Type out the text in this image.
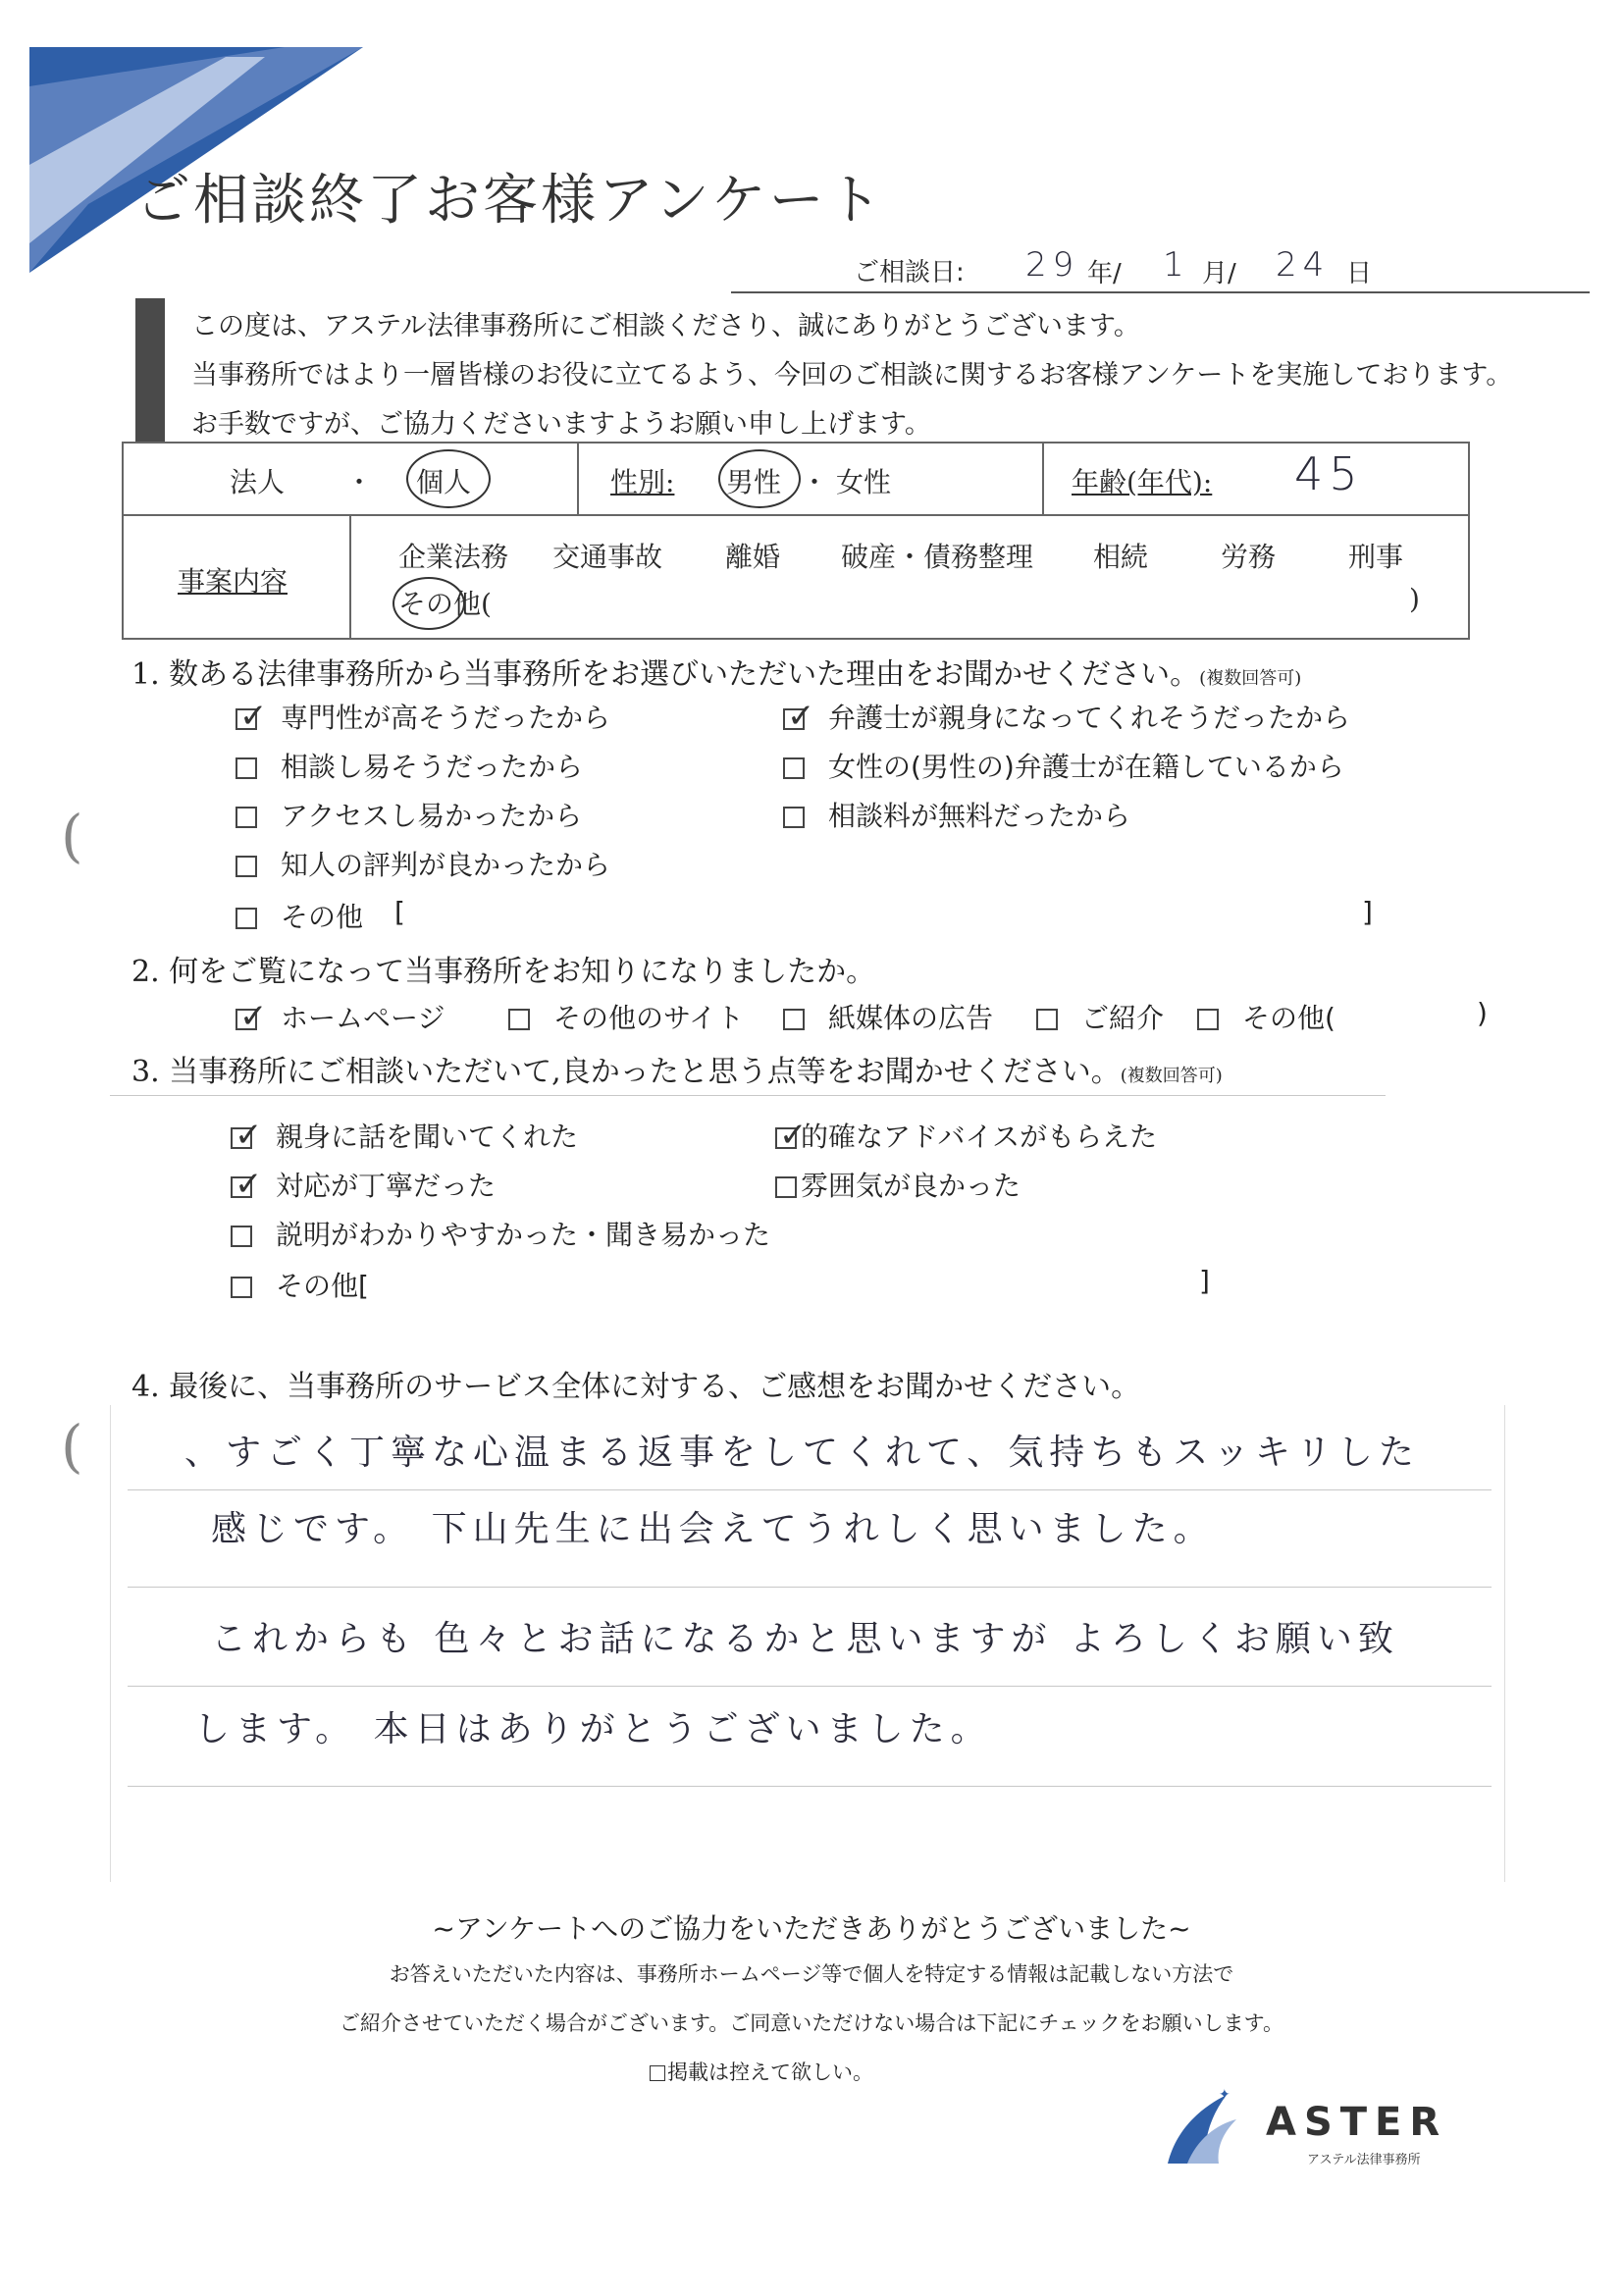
ご相談終了お客様アンケート
ご相談日: 29 年/ 1 月/ 24 日
この度は、アステル法律事務所にご相談くださり、誠にありがとうございます。
当事務所ではより一層皆様のお役に立てるよう、今回のご相談に関するお客様アンケートを実施しております。
お手数ですが、ご協力くださいますようお願い申し上げます。
法人 ・ 個人	性別: 男性 ・ 女性	年齢(年代): 45

事案内容
企業法務 交通事故 離婚 破産・債務整理 相続	労務	刑事
その他(	)
1. 数ある法律事務所から当事務所をお選びいただいた理由をお聞かせください。(複数回答可)
✓ 専門性が高そうだったから	✓ 弁護士が親身になってくれそうだったから
相談し易そうだったから	女性の(男性の)弁護士が在籍しているから
アクセスし易かったから	相談料が無料だったから
知人の評判が良かったから
その他 [	]
(
(
2. 何をご覧になって当事務所をお知りになりましたか。
✓ ホームページ	その他のサイト	紙媒体の広告	ご紹介	その他(	)
3. 当事務所にご相談いただいて,良かったと思う点等をお聞かせください。(複数回答可)
✓ 親身に話を聞いてくれた	✓
的確なアドバイスがもらえた
✓ 対応が丁寧だった	雰囲気が良かった
説明がわかりやすかった・聞き易かった
その他[	]
4. 最後に、当事務所のサービス全体に対する、ご感想をお聞かせください。
、すごく丁寧な心温まる返事をしてくれて、気持ちもスッキリした
感じです。 下山先生に出会えてうれしく思いました。
これからも 色々とお話になるかと思いますが よろしくお願い致
します。 本日はありがとうございました。
~アンケートへのご協力をいただきありがとうございました~
お答えいただいた内容は、事務所ホームページ等で個人を特定する情報は記載しない方法で
ご紹介させていただく場合がございます。ご同意いただけない場合は下記にチェックをお願いします。
掲載は控えて欲しい。
✦
ASTER
アステル法律事務所
